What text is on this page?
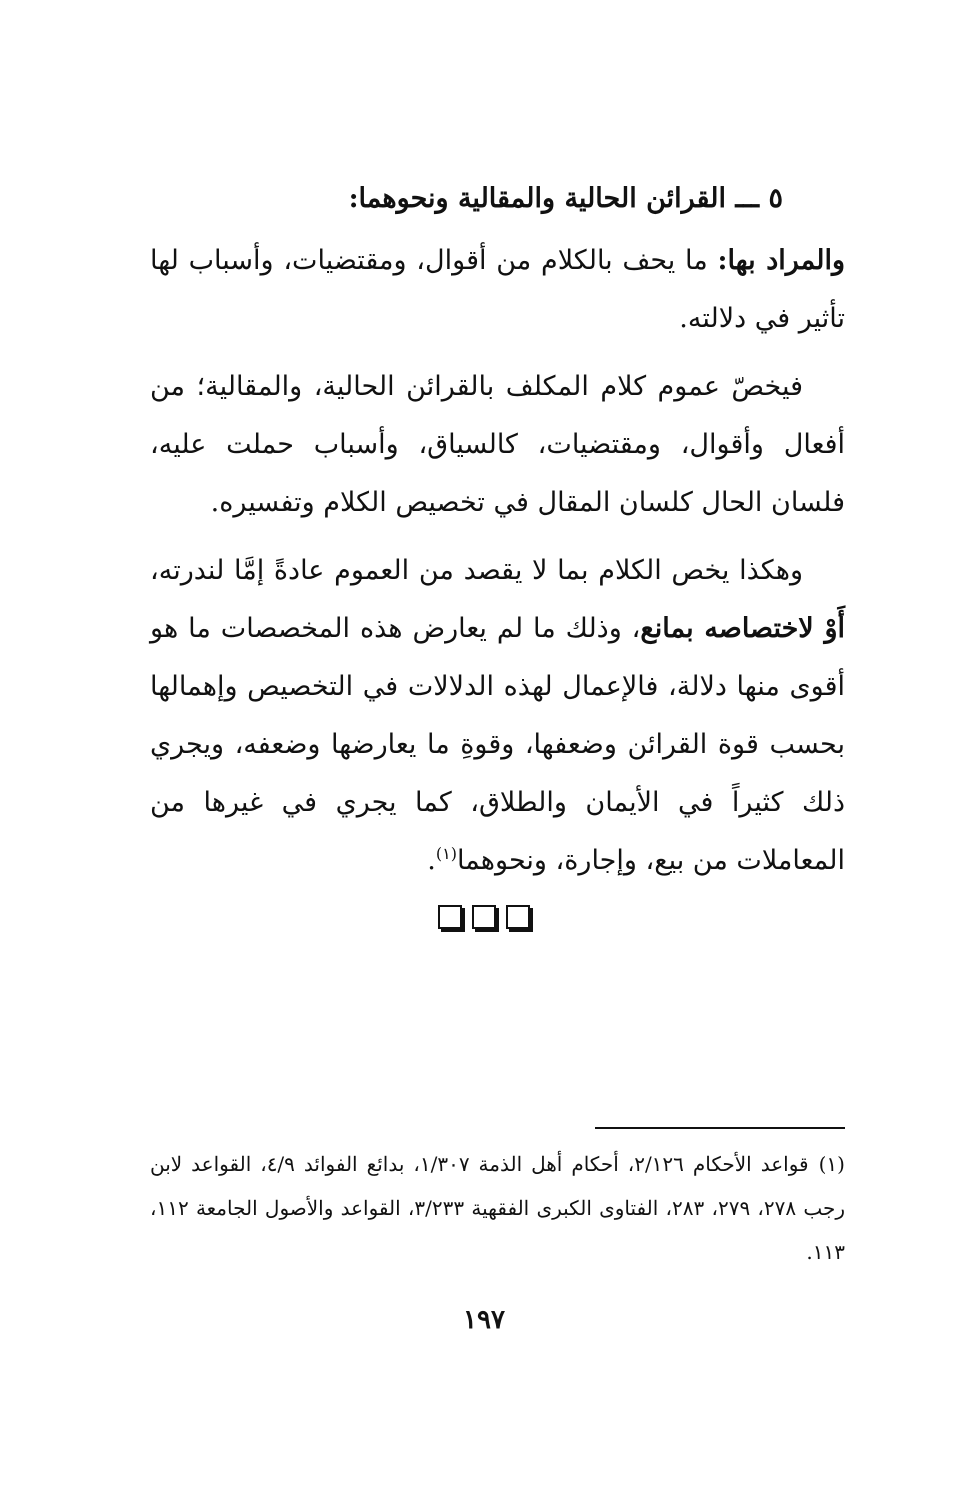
٥ ـــ القرائن الحالية والمقالية ونحوهما:

والمراد بها: ما يحف بالكلام من أقوال، ومقتضيات، وأسباب لها تأثير في دلالته.

فيخصّ عموم كلام المكلف بالقرائن الحالية، والمقالية؛ من أفعال وأقوال، ومقتضيات، كالسياق، وأسباب حملت عليه، فلسان الحال كلسان المقال في تخصيص الكلام وتفسيره.

وهكذا يخص الكلام بما لا يقصد من العموم عادةً إمَّا لندرته، أَوْ لاختصاصه بمانع، وذلك ما لم يعارض هذه المخصصات ما هو أقوى منها دلالة، فالإعمال لهذه الدلالات في التخصيص وإهمالها بحسب قوة القرائن وضعفها، وقوةِ ما يعارضها وضعفه، ويجري ذلك كثيراً في الأيمان والطلاق، كما يجري في غيرها من المعاملات من بيع، وإجارة، ونحوهما$^{(١)}$.

(١)قواعد الأحكام ٢/١٢٦، أحكام أهل الذمة ١/٣٠٧، بدائع الفوائد ٤/٩، القواعد لابن رجب ٢٧٨، ٢٧٩، ٢٨٣، الفتاوى الكبرى الفقهية ٣/٢٣٣، القواعد والأصول الجامعة ١١٢، ١١٣.
١٩٧
